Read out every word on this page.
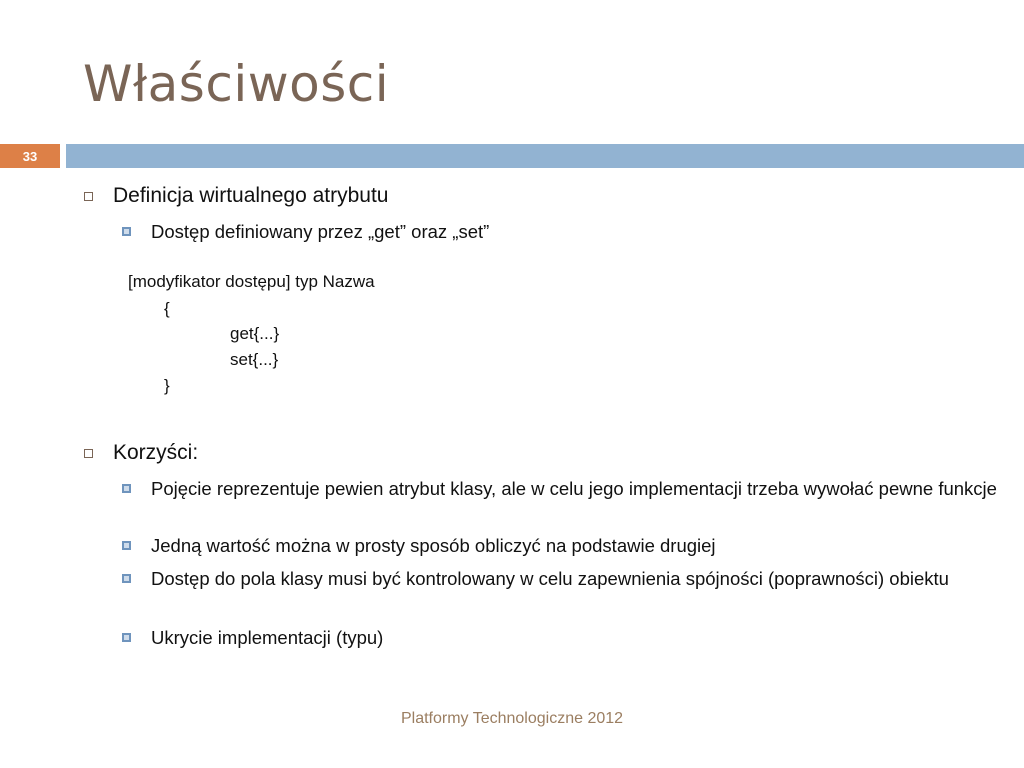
Właściwości
33
Definicja wirtualnego atrybutu
Dostęp definiowany przez „get” oraz „set”
[modyfikator dostępu] typ Nazwa
{
get{...}
set{...}
}
Korzyści:
Pojęcie reprezentuje pewien atrybut klasy, ale w celu jego implementacji trzeba wywołać pewne funkcje
Jedną wartość można w prosty sposób obliczyć na podstawie drugiej
Dostęp do pola klasy musi być kontrolowany w celu zapewnienia spójności (poprawności) obiektu
Ukrycie implementacji (typu)
Platformy Technologiczne 2012
